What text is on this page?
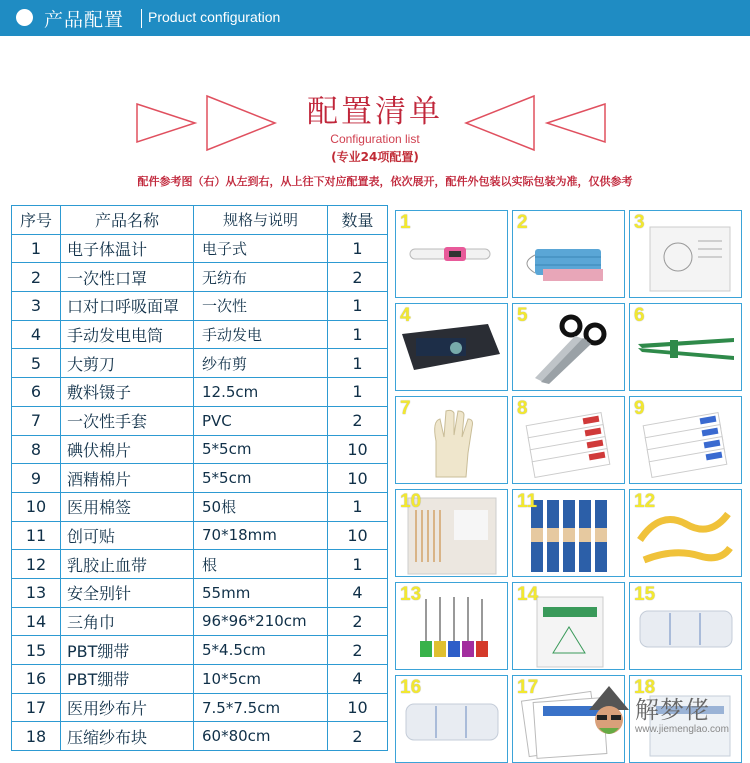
产品配置 Product configuration
配置清单
Configuration list
(专业24项配置)
配件参考图（右）从左到右，从上往下对应配置表，依次展开，配件外包装以实际包装为准，仅供参考
序号	产品名称	规格与说明	数量
1	电子体温计	电子式	1
2	一次性口罩	无纺布	2
3	口对口呼吸面罩	一次性	1
4	手动发电电筒	手动发电	1
5	大剪刀	纱布剪	1
6	敷料镊子	12.5cm	1
7	一次性手套	PVC	2
8	碘伏棉片	5*5cm	10
9	酒精棉片	5*5cm	10
10	医用棉签	50根	1
11	创可贴	70*18mm	10
12	乳胶止血带	根	1
13	安全别针	55mm	4
14	三角巾	96*96*210cm	2
15	PBT绷带	5*4.5cm	2
16	PBT绷带	10*5cm	4
17	医用纱布片	7.5*7.5cm	10
18	压缩纱布块	60*80cm	2
1	2	3
4	5	6
7	8	9
10	11	12
13	14	15
16	17	18
解梦佬
www.jiemenglao.com
